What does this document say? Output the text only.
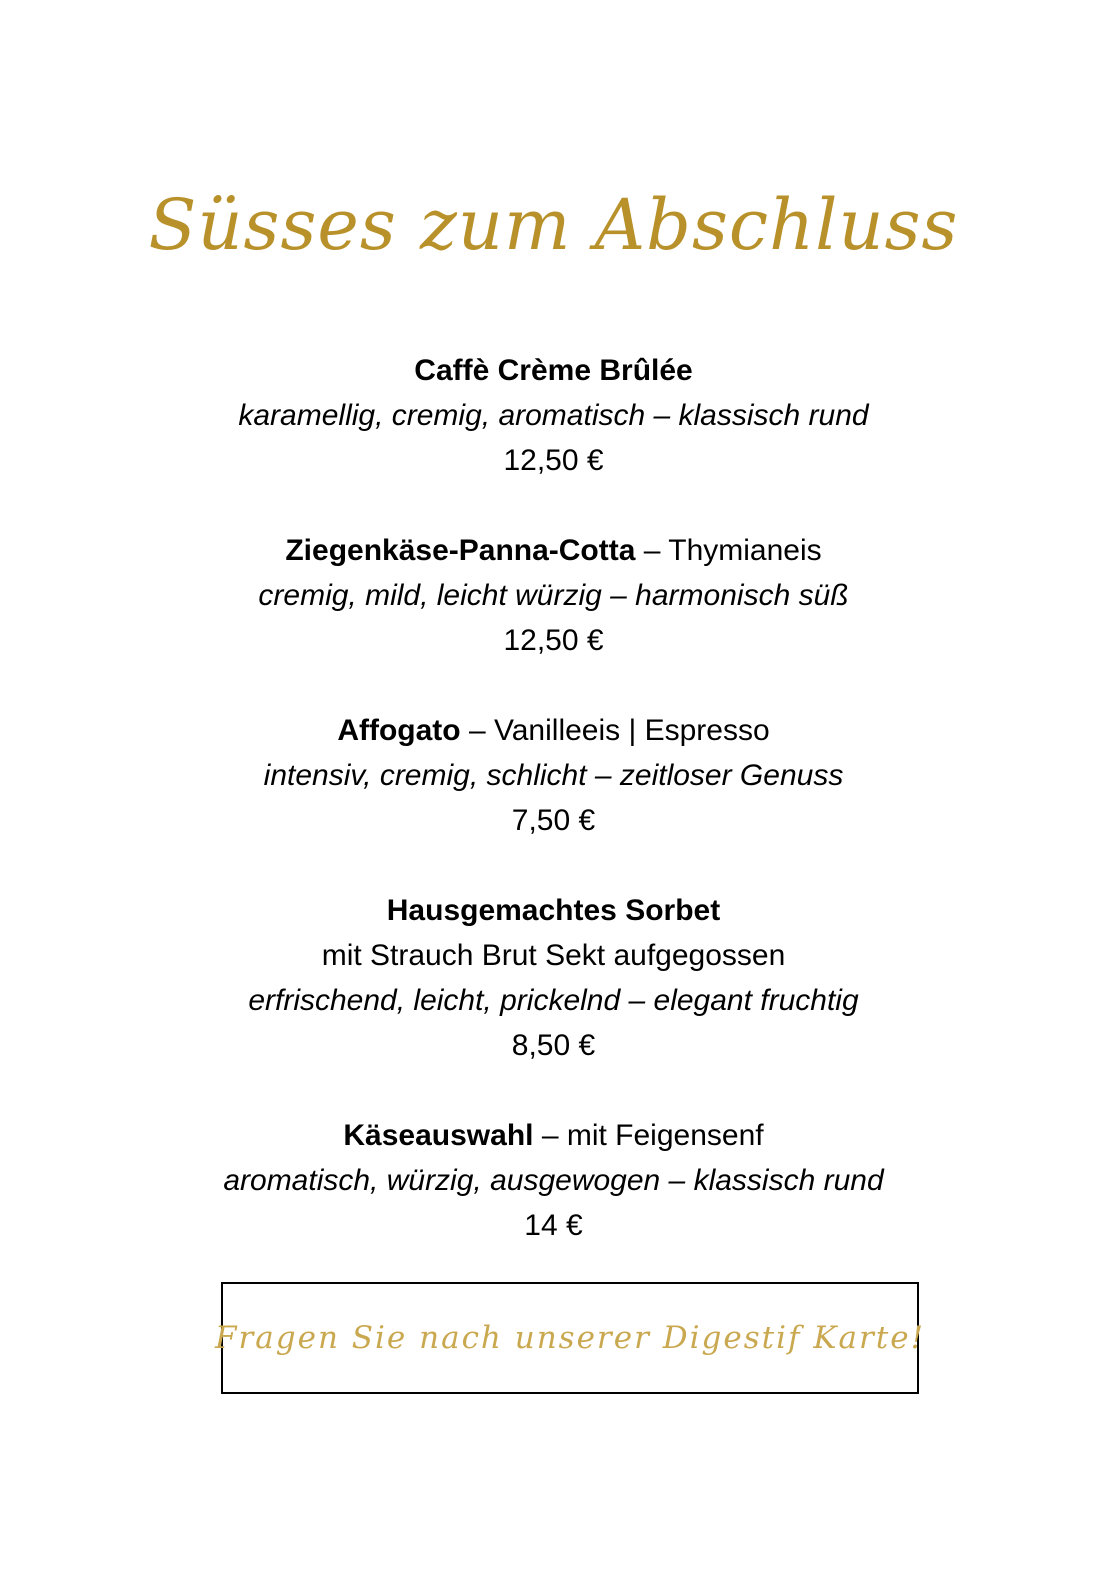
Süsses zum Abschluss
Caffè Crème Brûlée
karamellig, cremig, aromatisch – klassisch rund
12,50 €
Ziegenkäse-Panna-Cotta – Thymianeis
cremig, mild, leicht würzig – harmonisch süß
12,50 €
Affogato – Vanilleeis | Espresso
intensiv, cremig, schlicht – zeitloser Genuss
7,50 €
Hausgemachtes Sorbet
mit Strauch Brut Sekt aufgegossen
erfrischend, leicht, prickelnd – elegant fruchtig
8,50 €
Käseauswahl – mit Feigensenf
aromatisch, würzig, ausgewogen – klassisch rund
14 €
Fragen Sie nach unserer Digestif Karte!
